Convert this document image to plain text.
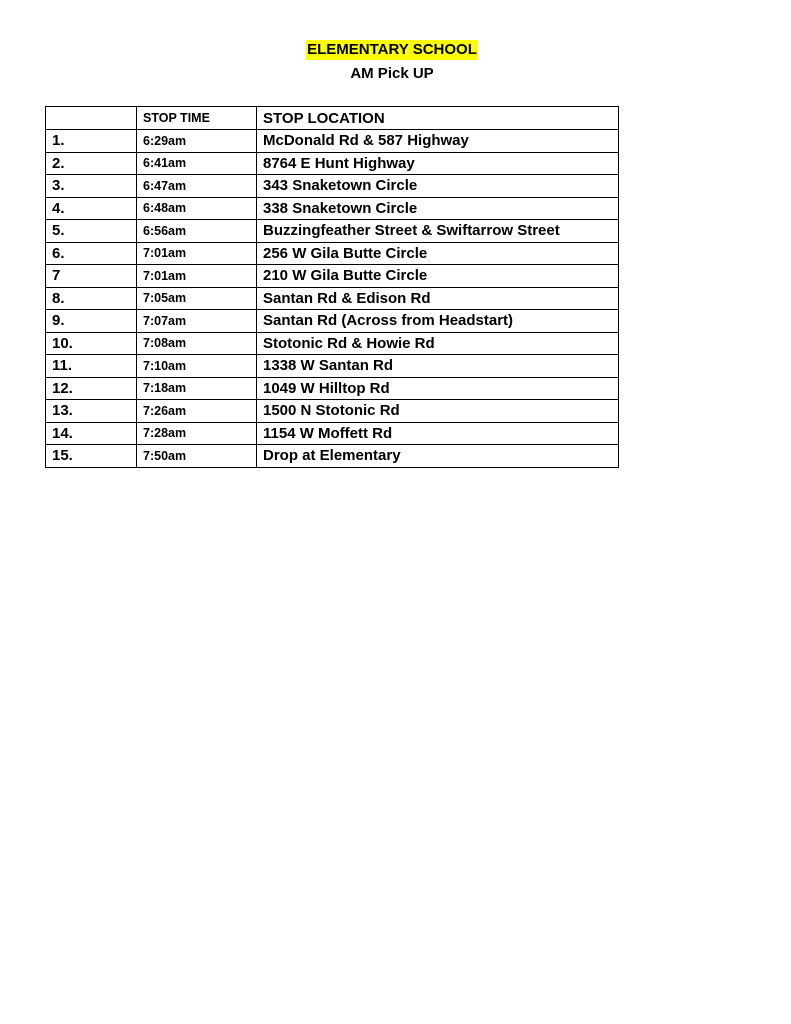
ELEMENTARY SCHOOL
AM Pick UP
	STOP TIME	STOP LOCATION
1.	6:29am	McDonald Rd & 587 Highway
2.	6:41am	8764 E Hunt Highway
3.	6:47am	343 Snaketown Circle
4.	6:48am	338 Snaketown Circle
5.	6:56am	Buzzingfeather Street & Swiftarrow Street
6.	7:01am	256 W Gila Butte Circle
7	7:01am	210 W Gila Butte Circle
8.	7:05am	Santan Rd & Edison Rd
9.	7:07am	Santan Rd (Across from Headstart)
10.	7:08am	Stotonic Rd & Howie Rd
11.	7:10am	1338 W Santan Rd
12.	7:18am	1049 W Hilltop Rd
13.	7:26am	1500 N Stotonic Rd
14.	7:28am	1154 W Moffett Rd
15.	7:50am	Drop at Elementary
